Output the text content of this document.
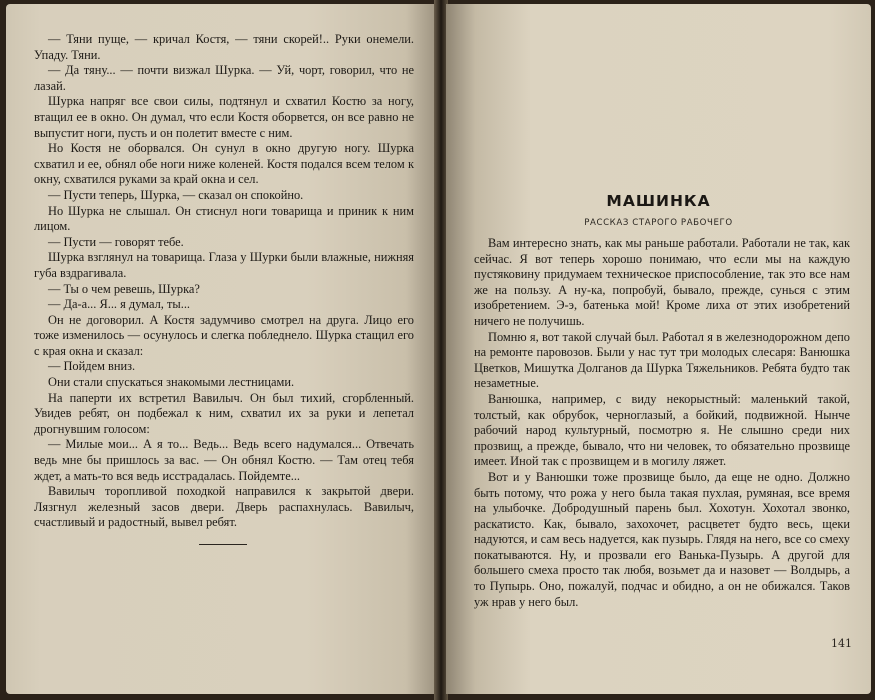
— Тяни пуще, — кричал Костя, — тяни скорей!.. Руки онемели. Упаду. Тяни.

— Да тяну... — почти визжал Шурка. — Уй, чорт, говорил, что не лазай.

Шурка напряг все свои силы, подтянул и схватил Костю за ногу, втащил ее в окно. Он думал, что если Костя оборвется, он все равно не выпустит ноги, пусть и он полетит вместе с ним.

Но Костя не оборвался. Он сунул в окно другую ногу. Шурка схватил и ее, обнял обе ноги ниже коленей. Костя подался всем телом к окну, схватился руками за край окна и сел.

— Пусти теперь, Шурка, — сказал он спокойно.

Но Шурка не слышал. Он стиснул ноги товарища и приник к ним лицом.

— Пусти — говорят тебе.

Шурка взглянул на товарища. Глаза у Шурки были влажные, нижняя губа вздрагивала.

— Ты о чем ревешь, Шурка?

— Да-а... Я... я думал, ты...

Он не договорил. А Костя задумчиво смотрел на друга. Лицо его тоже изменилось — осунулось и слегка побледнело. Шурка стащил его с края окна и сказал:

— Пойдем вниз.

Они стали спускаться знакомыми лестницами.

На паперти их встретил Вавилыч. Он был тихий, сгорбленный. Увидев ребят, он подбежал к ним, схватил их за руки и лепетал дрогнувшим голосом:

— Милые мои... А я то... Ведь... Ведь всего надумался... Отвечать ведь мне бы пришлось за вас. — Он обнял Костю. — Там отец тебя ждет, а мать-то вся ведь исстрадалась. Пойдемте...

Вавилыч торопливой походкой направился к закрытой двери. Лязгнул железный засов двери. Дверь распахнулась. Вавилыч, счастливый и радостный, вывел ребят.

МАШИНКА
РАССКАЗ СТАРОГО РАБОЧЕГО

Вам интересно знать, как мы раньше работали. Работали не так, как сейчас. Я вот теперь хорошо понимаю, что если мы на каждую пустяковину придумаем техническое приспособление, так это все нам же на пользу. А ну-ка, попробуй, бывало, прежде, сунься с этим изобретением. Э-э, батенька мой! Кроме лиха от этих изобретений ничего не получишь.

Помню я, вот такой случай был. Работал я в железнодорожном депо на ремонте паровозов. Были у нас тут три молодых слесаря: Ванюшка Цветков, Мишутка Долганов да Шурка Тяжельников. Ребята будто так незаметные.

Ванюшка, например, с виду некорыстный: маленький такой, толстый, как обрубок, черноглазый, а бойкий, подвижной. Нынче рабочий народ культурный, посмотрю я. Не слышно среди них прозвищ, а прежде, бывало, что ни человек, то обязательно прозвище имеет. Иной так с прозвищем и в могилу ляжет.

Вот и у Ванюшки тоже прозвище было, да еще не одно. Должно быть потому, что рожа у него была такая пухлая, румяная, все время на улыбочке. Добродушный парень был. Хохотун. Хохотал звонко, раскатисто. Как, бывало, захохочет, расцветет будто весь, щеки надуются, и сам весь надуется, как пузырь. Глядя на него, все со смеху покатываются. Ну, и прозвали его Ванька-Пузырь. А другой для большего смеха просто так любя, возьмет да и назовет — Волдырь, а то Пупырь. Оно, пожалуй, подчас и обидно, а он не обижался. Таков уж нрав у него был.

141
